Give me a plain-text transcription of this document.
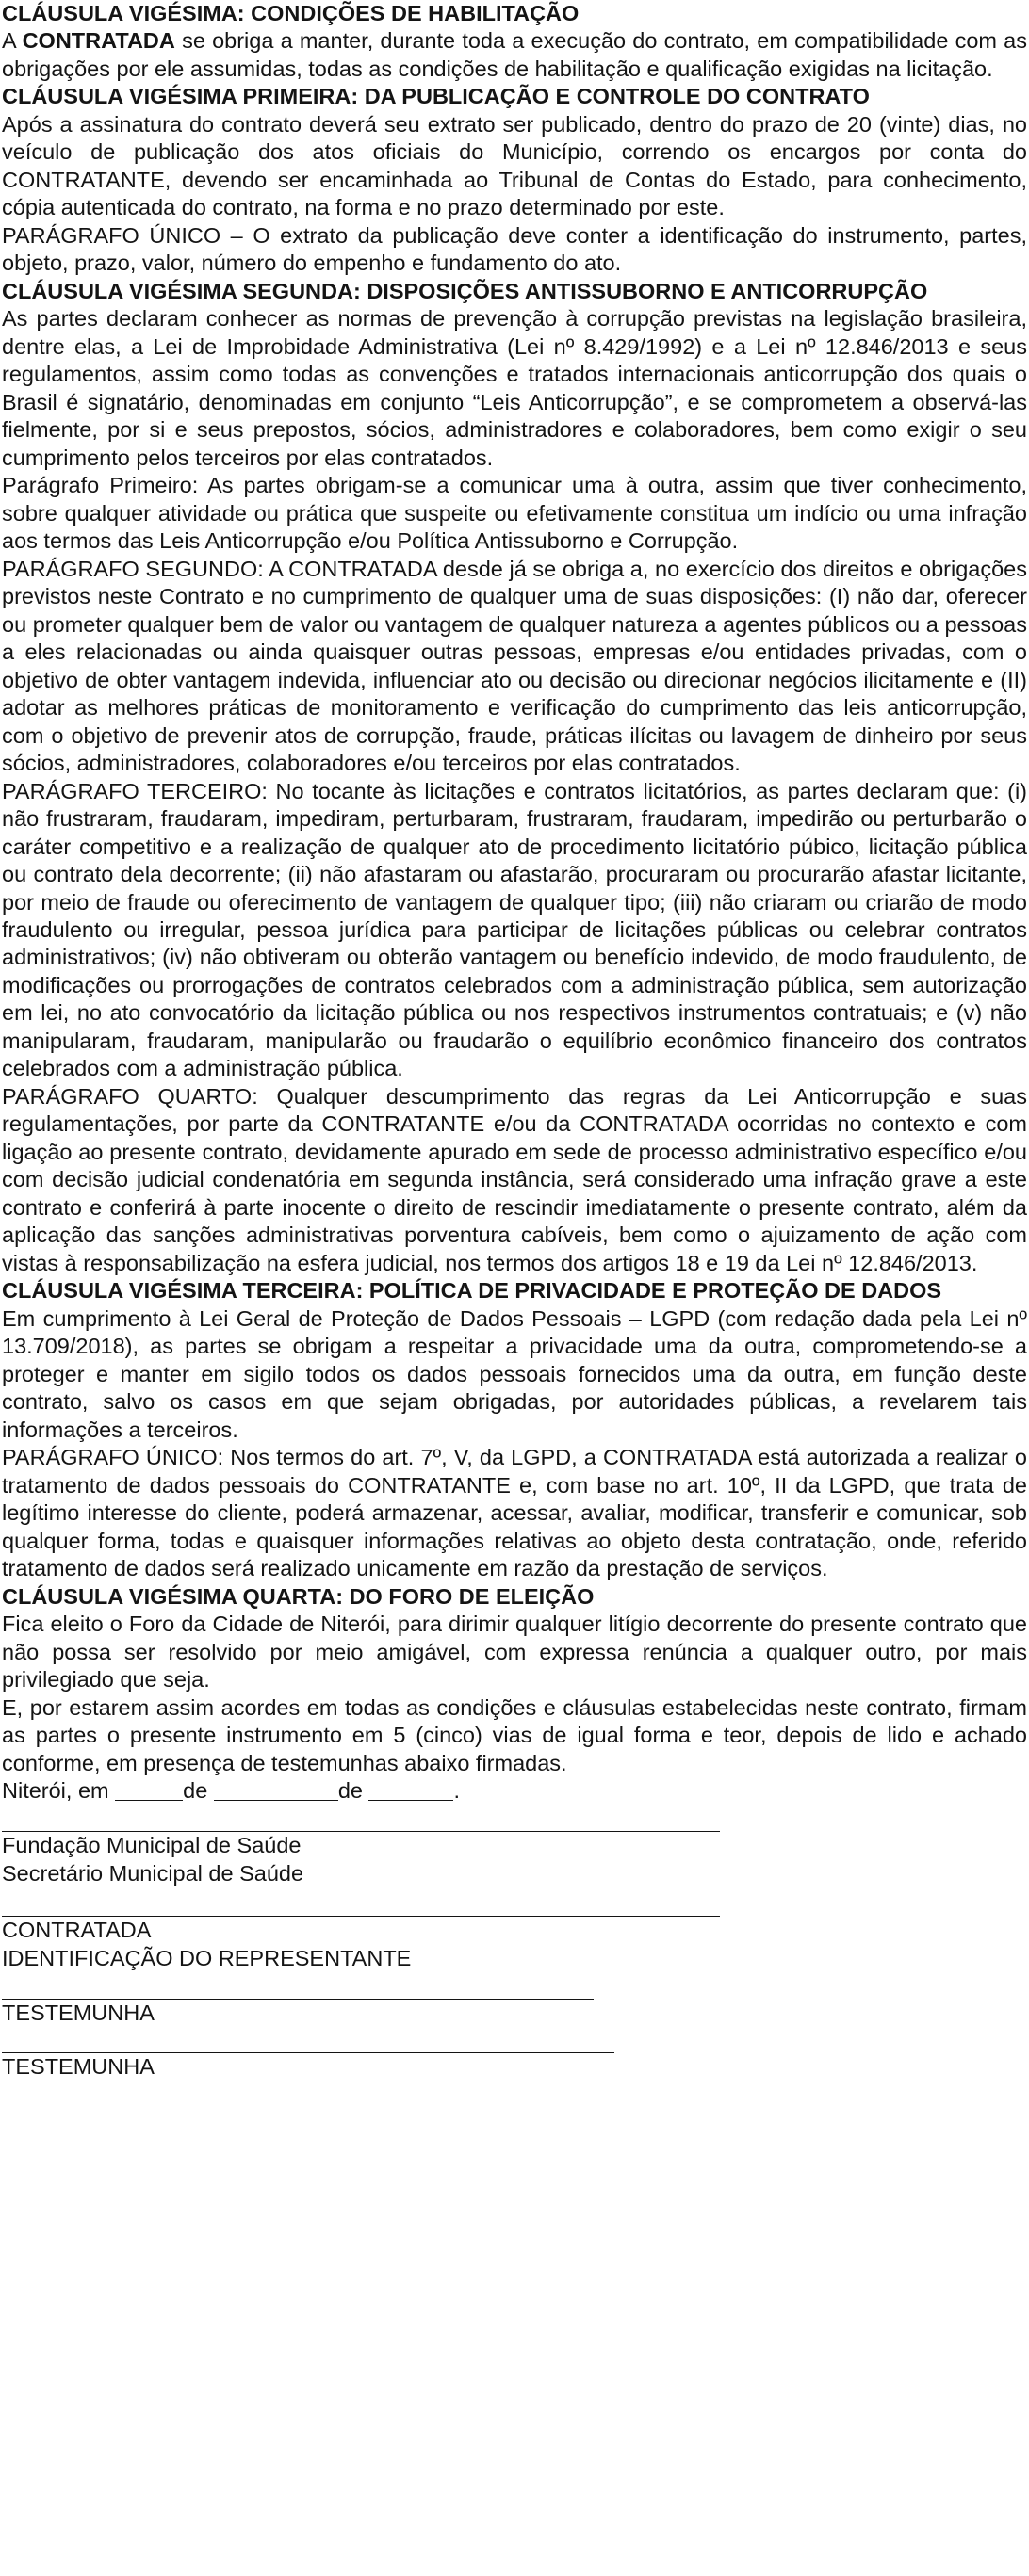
CLÁUSULA VIGÉSIMA: CONDIÇÕES DE HABILITAÇÃO

A CONTRATADA se obriga a manter, durante toda a execução do contrato, em compatibilidade com as obrigações por ele assumidas, todas as condições de habilitação e qualificação exigidas na licitação.

CLÁUSULA VIGÉSIMA PRIMEIRA: DA PUBLICAÇÃO E CONTROLE DO CONTRATO

Após a assinatura do contrato deverá seu extrato ser publicado, dentro do prazo de 20 (vinte) dias, no veículo de publicação dos atos oficiais do Município, correndo os encargos por conta do CONTRATANTE, devendo ser encaminhada ao Tribunal de Contas do Estado, para conhecimento, cópia autenticada do contrato, na forma e no prazo determinado por este.

PARÁGRAFO ÚNICO – O extrato da publicação deve conter a identificação do instrumento, partes, objeto, prazo, valor, número do empenho e fundamento do ato.

CLÁUSULA VIGÉSIMA SEGUNDA: DISPOSIÇÕES ANTISSUBORNO E ANTICORRUPÇÃO

As partes declaram conhecer as normas de prevenção à corrupção previstas na legislação brasileira, dentre elas, a Lei de Improbidade Administrativa (Lei nº 8.429/1992) e a Lei nº 12.846/2013 e seus regulamentos, assim como todas as convenções e tratados internacionais anticorrupção dos quais o Brasil é signatário, denominadas em conjunto “Leis Anticorrupção”, e se comprometem a observá-las fielmente, por si e seus prepostos, sócios, administradores e colaboradores, bem como exigir o seu cumprimento pelos terceiros por elas contratados.

Parágrafo Primeiro: As partes obrigam-se a comunicar uma à outra, assim que tiver conhecimento, sobre qualquer atividade ou prática que suspeite ou efetivamente constitua um indício ou uma infração aos termos das Leis Anticorrupção e/ou Política Antissuborno e Corrupção.

PARÁGRAFO SEGUNDO: A CONTRATADA desde já se obriga a, no exercício dos direitos e obrigações previstos neste Contrato e no cumprimento de qualquer uma de suas disposições: (I) não dar, oferecer ou prometer qualquer bem de valor ou vantagem de qualquer natureza a agentes públicos ou a pessoas a eles relacionadas ou ainda quaisquer outras pessoas, empresas e/ou entidades privadas, com o objetivo de obter vantagem indevida, influenciar ato ou decisão ou direcionar negócios ilicitamente e (II) adotar as melhores práticas de monitoramento e verificação do cumprimento das leis anticorrupção, com o objetivo de prevenir atos de corrupção, fraude, práticas ilícitas ou lavagem de dinheiro por seus sócios, administradores, colaboradores e/ou terceiros por elas contratados.

PARÁGRAFO TERCEIRO: No tocante às licitações e contratos licitatórios, as partes declaram que: (i) não frustraram, fraudaram, impediram, perturbaram, frustraram, fraudaram, impedirão ou perturbarão o caráter competitivo e a realização de qualquer ato de procedimento licitatório púbico, licitação pública ou contrato dela decorrente; (ii) não afastaram ou afastarão, procuraram ou procurarão afastar licitante, por meio de fraude ou oferecimento de vantagem de qualquer tipo; (iii) não criaram ou criarão de modo fraudulento ou irregular, pessoa jurídica para participar de licitações públicas ou celebrar contratos administrativos; (iv) não obtiveram ou obterão vantagem ou benefício indevido, de modo fraudulento, de modificações ou prorrogações de contratos celebrados com a administração pública, sem autorização em lei, no ato convocatório da licitação pública ou nos respectivos instrumentos contratuais; e (v) não manipularam, fraudaram, manipularão ou fraudarão o equilíbrio econômico financeiro dos contratos celebrados com a administração pública.

PARÁGRAFO QUARTO: Qualquer descumprimento das regras da Lei Anticorrupção e suas regulamentações, por parte da CONTRATANTE e/ou da CONTRATADA ocorridas no contexto e com ligação ao presente contrato, devidamente apurado em sede de processo administrativo específico e/ou com decisão judicial condenatória em segunda instância, será considerado uma infração grave a este contrato e conferirá à parte inocente o direito de rescindir imediatamente o presente contrato, além da aplicação das sanções administrativas porventura cabíveis, bem como o ajuizamento de ação com vistas à responsabilização na esfera judicial, nos termos dos artigos 18 e 19 da Lei nº 12.846/2013.

CLÁUSULA VIGÉSIMA TERCEIRA: POLÍTICA DE PRIVACIDADE E PROTEÇÃO DE DADOS

Em cumprimento à Lei Geral de Proteção de Dados Pessoais – LGPD (com redação dada pela Lei nº 13.709/2018), as partes se obrigam a respeitar a privacidade uma da outra, comprometendo-se a proteger e manter em sigilo todos os dados pessoais fornecidos uma da outra, em função deste contrato, salvo os casos em que sejam obrigadas, por autoridades públicas, a revelarem tais informações a terceiros.

PARÁGRAFO ÚNICO: Nos termos do art. 7º, V, da LGPD, a CONTRATADA está autorizada a realizar o tratamento de dados pessoais do CONTRATANTE e, com base no art. 10º, II da LGPD, que trata de legítimo interesse do cliente, poderá armazenar, acessar, avaliar, modificar, transferir e comunicar, sob qualquer forma, todas e quaisquer informações relativas ao objeto desta contratação, onde, referido tratamento de dados será realizado unicamente em razão da prestação de serviços.

CLÁUSULA VIGÉSIMA QUARTA: DO FORO DE ELEIÇÃO

Fica eleito o Foro da Cidade de Niterói, para dirimir qualquer litígio decorrente do presente contrato que não possa ser resolvido por meio amigável, com expressa renúncia a qualquer outro, por mais privilegiado que seja.

E, por estarem assim acordes em todas as condições e cláusulas estabelecidas neste contrato, firmam as partes o presente instrumento em 5 (cinco) vias de igual forma e teor, depois de lido e achado conforme, em presença de testemunhas abaixo firmadas.

Niterói, em	de	de	.

Fundação Municipal de Saúde

Secretário Municipal de Saúde

CONTRATADA

IDENTIFICAÇÃO DO REPRESENTANTE

TESTEMUNHA

TESTEMUNHA
